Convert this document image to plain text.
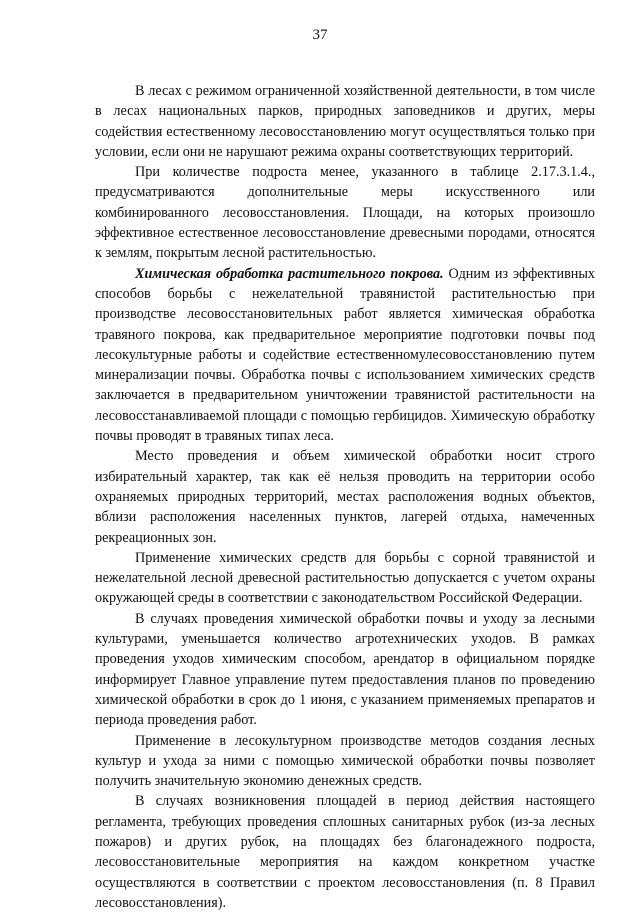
37

В лесах с режимом ограниченной хозяйственной деятельности, в том числе в лесах национальных парков, природных заповедников и других, меры содействия естественному лесовосстановлению могут осуществляться только при условии, если они не нарушают режима охраны соответствующих территорий.

При количестве подроста менее, указанного в таблице 2.17.3.1.4., предусматриваются дополнительные меры искусственного или комбинированного лесовосстановления. Площади, на которых произошло эффективное естественное лесовосстановление древесными породами, относятся к землям, покрытым лесной растительностью.

Химическая обработка растительного покрова. Одним из эффективных способов борьбы с нежелательной травянистой растительностью при производстве лесовосстановительных работ является химическая обработка травяного покрова, как предварительное мероприятие подготовки почвы под лесокультурные работы и содействие естественномулесовосстановлению путем минерализации почвы. Обработка почвы с использованием химических средств заключается в предварительном уничтожении травянистой растительности на лесовосстанавливаемой площади с помощью гербицидов. Химическую обработку почвы проводят в травяных типах леса.

Место проведения и объем химической обработки носит строго избирательный характер, так как её нельзя проводить на территории особо охраняемых природных территорий, местах расположения водных объектов, вблизи расположения населенных пунктов, лагерей отдыха, намеченных рекреационных зон.

Применение химических средств для борьбы с сорной травянистой и нежелательной лесной древесной растительностью допускается с учетом охраны окружающей среды в соответствии с законодательством Российской Федерации.

В случаях проведения химической обработки почвы и уходу за лесными культурами, уменьшается количество агротехнических уходов. В рамках проведения уходов химическим способом, арендатор в официальном порядке информирует Главное управление путем предоставления планов по проведению химической обработки в срок до 1 июня, с указанием применяемых препаратов и периода проведения работ.

Применение в лесокультурном производстве методов создания лесных культур и ухода за ними с помощью химической обработки почвы позволяет получить значительную экономию денежных средств.

В случаях возникновения площадей в период действия настоящего регламента, требующих проведения сплошных санитарных рубок (из-за лесных пожаров) и других рубок, на площадях без благонадежного подроста, лесовосстановительные мероприятия на каждом конкретном участке осуществляются в соответствии с проектом лесовосстановления (п. 8 Правил лесовосстановления).
